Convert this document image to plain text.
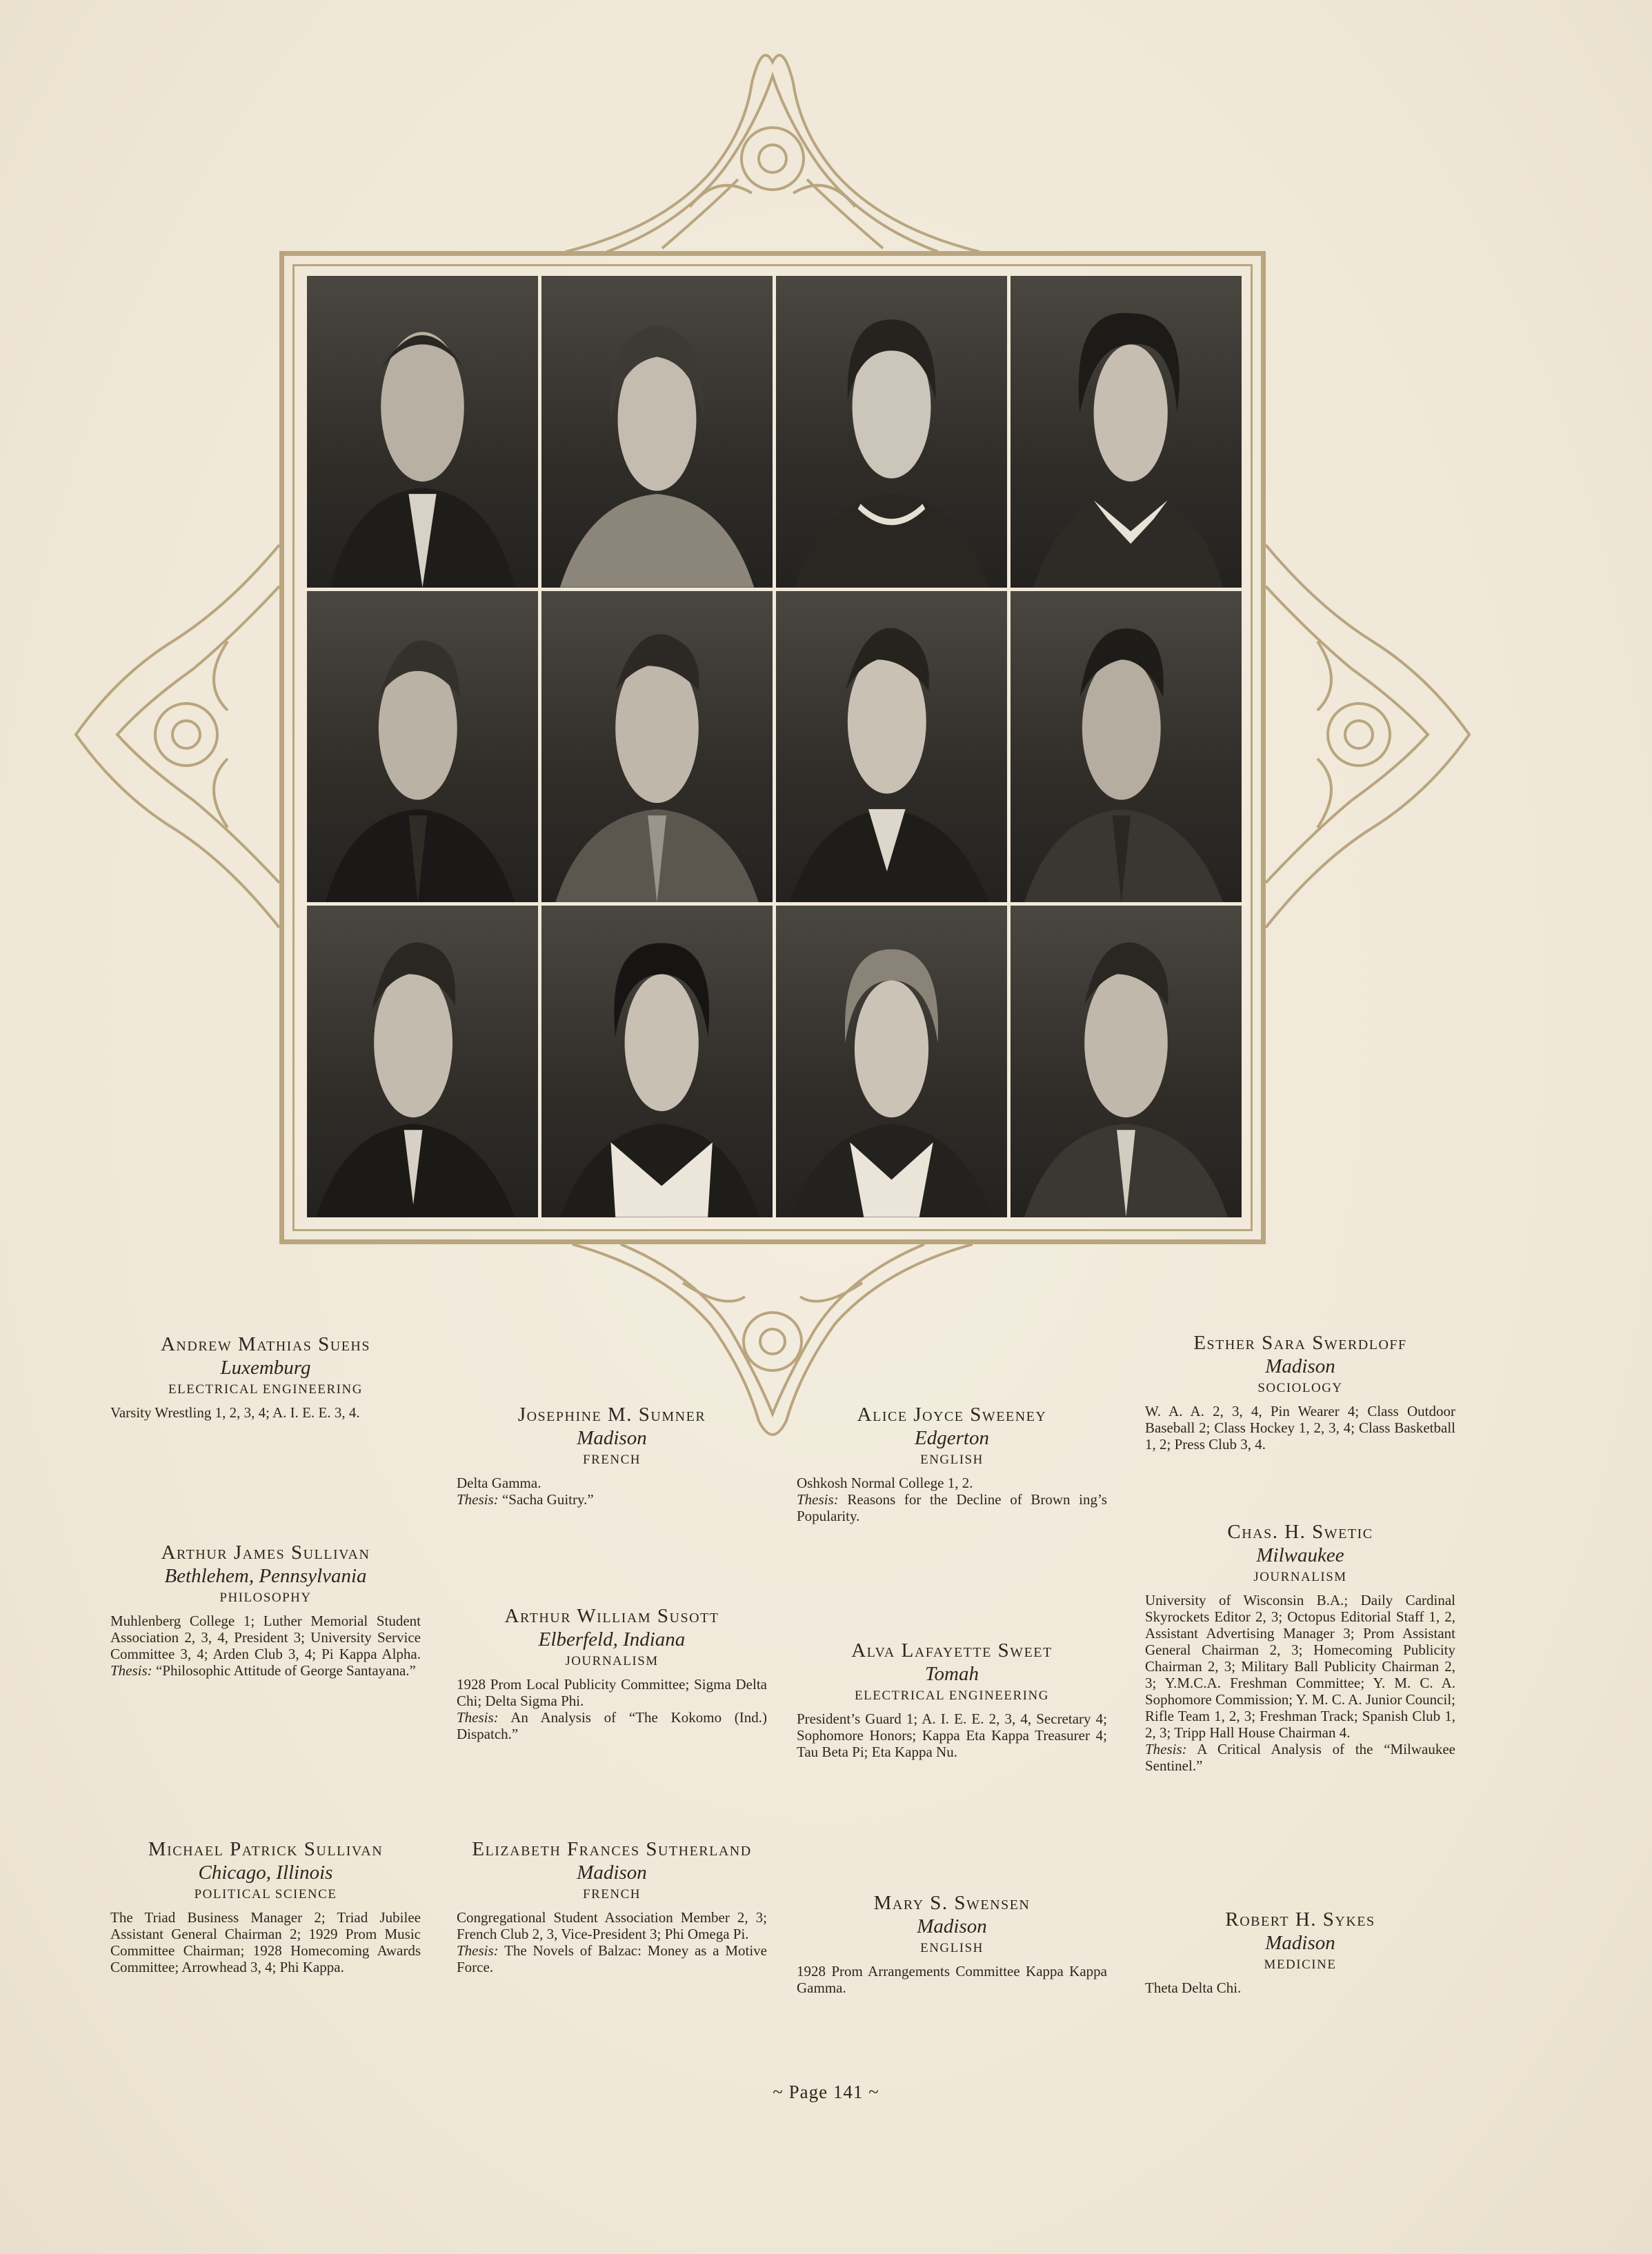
Andrew Mathias Suehs
Luxemburg
ELECTRICAL ENGINEERING
Varsity Wrestling 1, 2, 3, 4; A. I. E. E. 3, 4.
Arthur James Sullivan
Bethlehem, Pennsylvania
PHILOSOPHY
Muhlenberg College 1; Luther Memorial Student Association 2, 3, 4, President 3; University Service Committee 3, 4; Arden Club 3, 4; Pi Kappa Alpha. Thesis: “Philosophic Attitude of George Santayana.”
Michael Patrick Sullivan
Chicago, Illinois
POLITICAL SCIENCE
The Triad Business Manager 2; Triad Jubilee Assistant General Chairman 2; 1929 Prom Music Committee Chairman; 1928 Homecoming Awards Committee; Arrowhead 3, 4; Phi Kappa.
Josephine M. Sumner
Madison
FRENCH
Delta Gamma.
Thesis: “Sacha Guitry.”
Arthur William Susott
Elberfeld, Indiana
JOURNALISM
1928 Prom Local Publicity Committee; Sigma Delta Chi; Delta Sigma Phi.
Thesis: An Analysis of “The Kokomo (Ind.) Dispatch.”
Elizabeth Frances Sutherland
Madison
FRENCH
Congregational Student Association Member 2, 3; French Club 2, 3, Vice-President 3; Phi Omega Pi.
Thesis: The Novels of Balzac: Money as a Motive Force.
Alice Joyce Sweeney
Edgerton
ENGLISH
Oshkosh Normal College 1, 2.
Thesis: Reasons for the Decline of Brown ing’s Popularity.
Alva Lafayette Sweet
Tomah
ELECTRICAL ENGINEERING
President’s Guard 1; A. I. E. E. 2, 3, 4, Secretary 4; Sophomore Honors; Kappa Eta Kappa Treasurer 4; Tau Beta Pi; Eta Kappa Nu.
Mary S. Swensen
Madison
ENGLISH
1928 Prom Arrangements Committee Kappa Kappa Gamma.
Esther Sara Swerdloff
Madison
SOCIOLOGY
W. A. A. 2, 3, 4, Pin Wearer 4; Class Outdoor Baseball 2; Class Hockey 1, 2, 3, 4; Class Basketball 1, 2; Press Club 3, 4.
Chas. H. Swetic
Milwaukee
JOURNALISM
University of Wisconsin B.A.; Daily Cardinal Skyrockets Editor 2, 3; Octopus Editorial Staff 1, 2, Assistant Advertising Manager 3; Prom Assistant General Chairman 2, 3; Homecoming Publicity Chairman 2, 3; Military Ball Publicity Chairman 2, 3; Y.M.C.A. Freshman Committee; Y. M. C. A. Sophomore Commission; Y. M. C. A. Junior Council; Rifle Team 1, 2, 3; Freshman Track; Spanish Club 1, 2, 3; Tripp Hall House Chairman 4.
Thesis: A Critical Analysis of the “Milwaukee Sentinel.”
Robert H. Sykes
Madison
MEDICINE
Theta Delta Chi.
~ Page 141 ~
